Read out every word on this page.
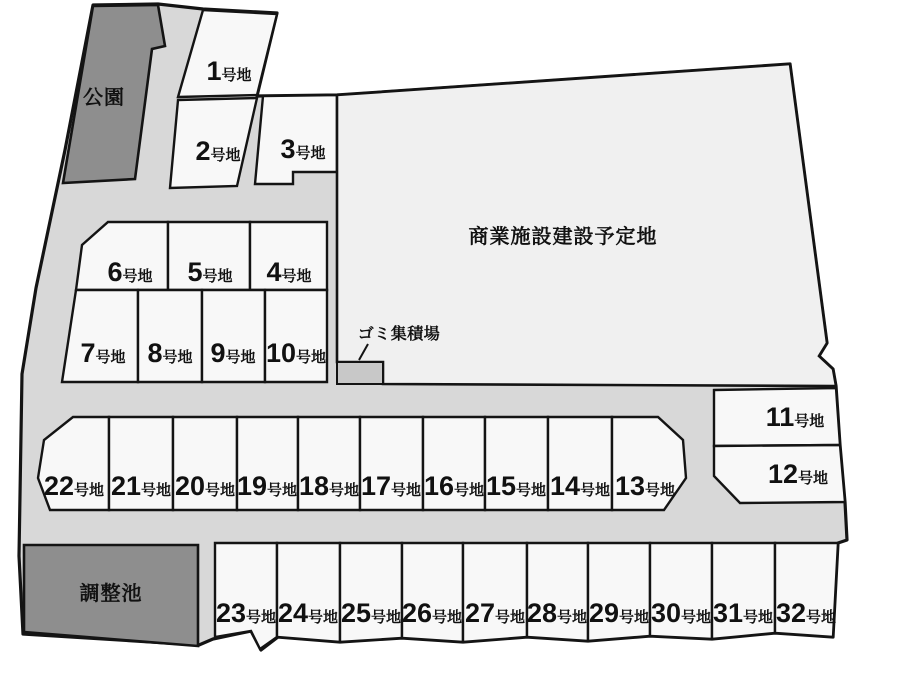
公園
商業施設建設予定地
ゴミ集積場
調整池
1号地
2号地 3号地
4号地
5号地
6号地
7号地 8号地 9号地 10号地
11号地
12号地
13号地
14号地
15号地
16号地
17号地
18号地
19号地
20号地
21号地
22号地
23号地 24号地 25号地 26号地 27号地 28号地 29号地 30号地 31号地 32号地
